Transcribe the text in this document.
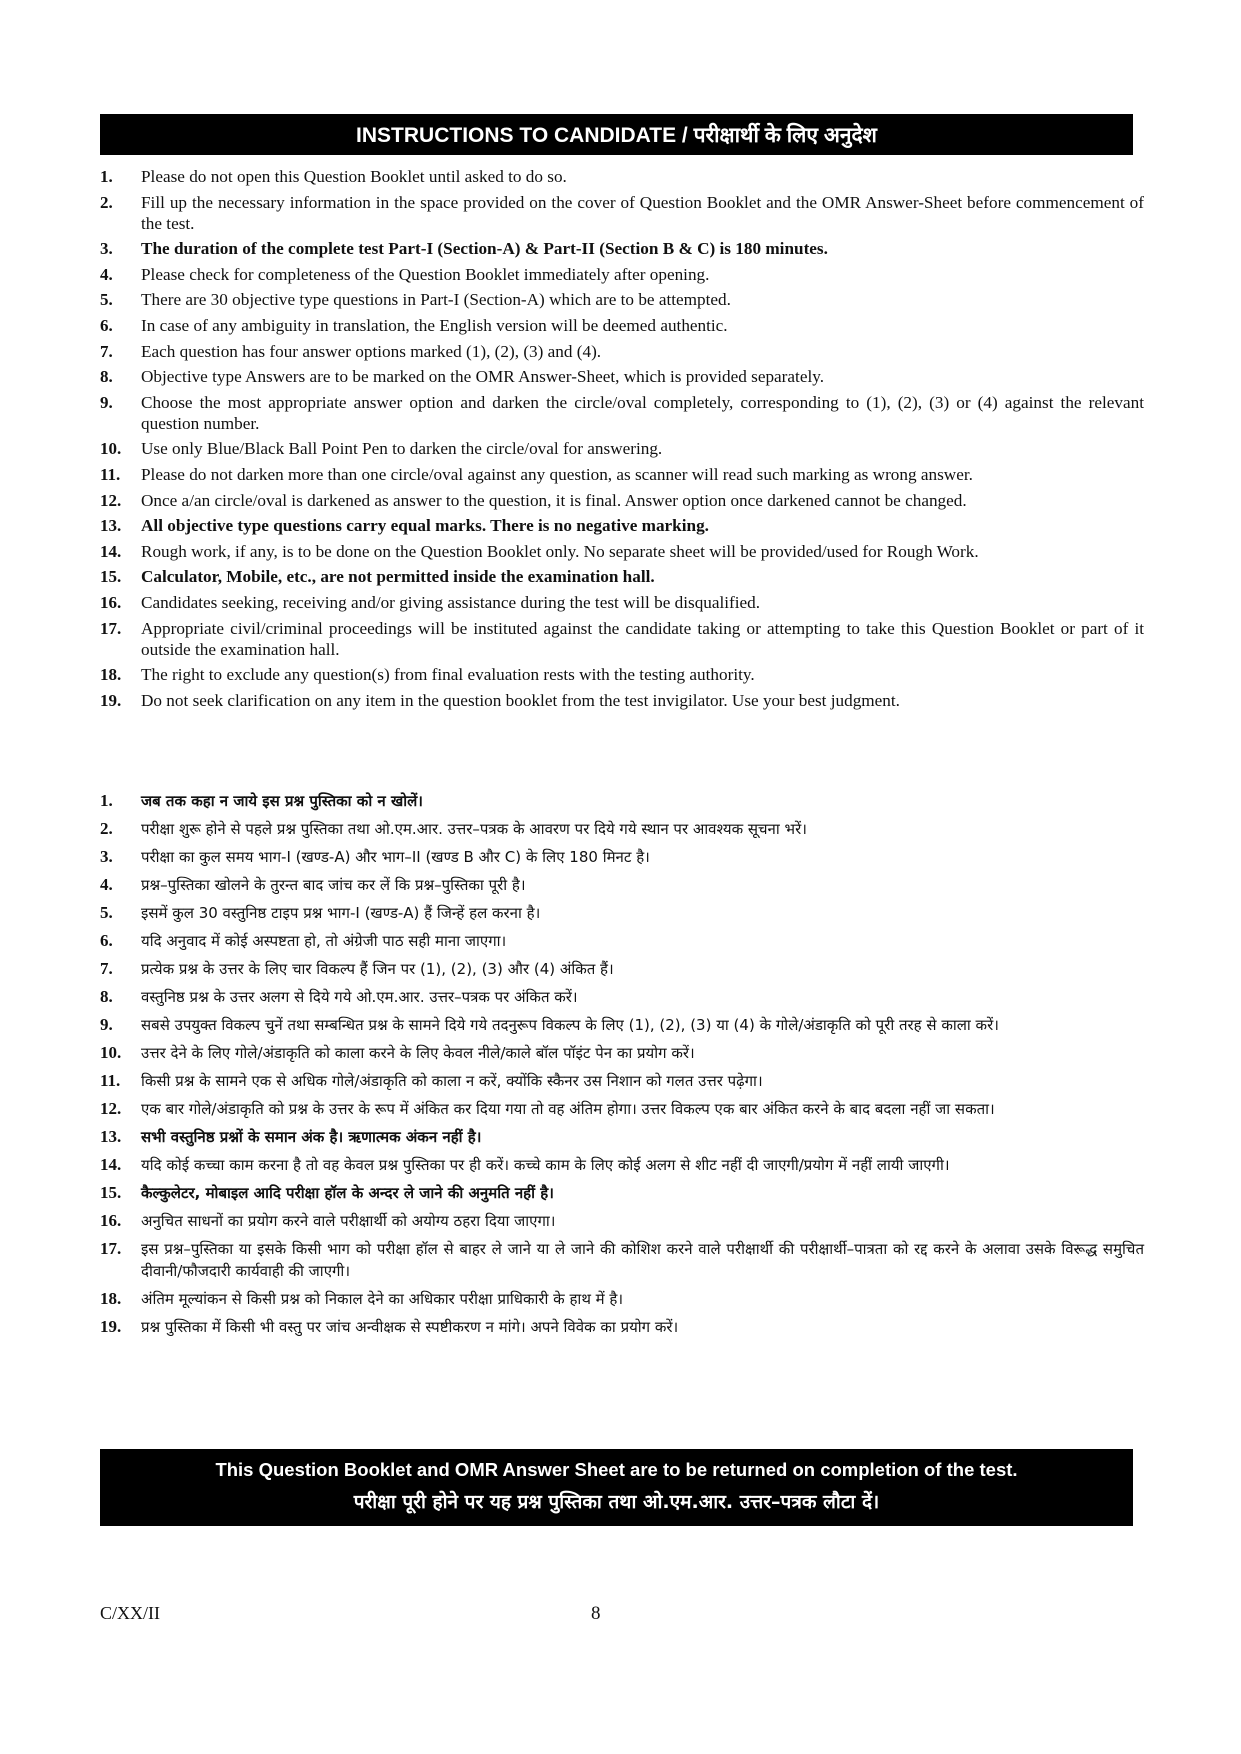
INSTRUCTIONS TO CANDIDATE / परीक्षार्थी के लिए अनुदेश
1.	Please do not open this Question Booklet until asked to do so.
2.	Fill up the necessary information in the space provided on the cover of Question Booklet and the OMR Answer-Sheet before commencement of the test.
3.	The duration of the complete test Part-I (Section-A) & Part-II (Section B & C) is 180 minutes.
4.	Please check for completeness of the Question Booklet immediately after opening.
5.	There are 30 objective type questions in Part-I (Section-A) which are to be attempted.
6.	In case of any ambiguity in translation, the English version will be deemed authentic.
7.	Each question has four answer options marked (1), (2), (3) and (4).
8.	Objective type Answers are to be marked on the OMR Answer-Sheet, which is provided separately.
9.	Choose the most appropriate answer option and darken the circle/oval completely, corresponding to (1), (2), (3) or (4) against the relevant question number.
10.	Use only Blue/Black Ball Point Pen to darken the circle/oval for answering.
11.	Please do not darken more than one circle/oval against any question, as scanner will read such marking as wrong answer.
12.	Once a/an circle/oval is darkened as answer to the question, it is final. Answer option once darkened cannot be changed.
13.	All objective type questions carry equal marks. There is no negative marking.
14.	Rough work, if any, is to be done on the Question Booklet only. No separate sheet will be provided/used for Rough Work.
15.	Calculator, Mobile, etc., are not permitted inside the examination hall.
16.	Candidates seeking, receiving and/or giving assistance during the test will be disqualified.
17.	Appropriate civil/criminal proceedings will be instituted against the candidate taking or attempting to take this Question Booklet or part of it outside the examination hall.
18.	The right to exclude any question(s) from final evaluation rests with the testing authority.
19.	Do not seek clarification on any item in the question booklet from the test invigilator. Use your best judgment.
1.	जब तक कहा न जाये इस प्रश्न पुस्तिका को न खोलें।
2.	परीक्षा शुरू होने से पहले प्रश्न पुस्तिका तथा ओ.एम.आर. उत्तर–पत्रक के आवरण पर दिये गये स्थान पर आवश्यक सूचना भरें।
3.	परीक्षा का कुल समय भाग-I (खण्ड-A) और भाग–II (खण्ड B और C) के लिए 180 मिनट है।
4.	प्रश्न–पुस्तिका खोलने के तुरन्त बाद जांच कर लें कि प्रश्न–पुस्तिका पूरी है।
5.	इसमें कुल 30 वस्तुनिष्ठ टाइप प्रश्न भाग-I (खण्ड-A) हैं जिन्हें हल करना है।
6.	यदि अनुवाद में कोई अस्पष्टता हो, तो अंग्रेजी पाठ सही माना जाएगा।
7.	प्रत्येक प्रश्न के उत्तर के लिए चार विकल्प हैं जिन पर (1), (2), (3) और (4) अंकित हैं।
8.	वस्तुनिष्ठ प्रश्न के उत्तर अलग से दिये गये ओ.एम.आर. उत्तर–पत्रक पर अंकित करें।
9.	सबसे उपयुक्त विकल्प चुनें तथा सम्बन्धित प्रश्न के सामने दिये गये तदनुरूप विकल्प के लिए (1), (2), (3) या (4) के गोले/अंडाकृति को पूरी तरह से काला करें।
10.	उत्तर देने के लिए गोले/अंडाकृति को काला करने के लिए केवल नीले/काले बॉल पॉइंट पेन का प्रयोग करें।
11.	किसी प्रश्न के सामने एक से अधिक गोले/अंडाकृति को काला न करें, क्योंकि स्कैनर उस निशान को गलत उत्तर पढ़ेगा।
12.	एक बार गोले/अंडाकृति को प्रश्न के उत्तर के रूप में अंकित कर दिया गया तो वह अंतिम होगा। उत्तर विकल्प एक बार अंकित करने के बाद बदला नहीं जा सकता।
13.	सभी वस्तुनिष्ठ प्रश्नों के समान अंक है। ऋणात्मक अंकन नहीं है।
14.	यदि कोई कच्चा काम करना है तो वह केवल प्रश्न पुस्तिका पर ही करें। कच्चे काम के लिए कोई अलग से शीट नहीं दी जाएगी/प्रयोग में नहीं लायी जाएगी।
15.	कैल्कुलेटर, मोबाइल आदि परीक्षा हॉल के अन्दर ले जाने की अनुमति नहीं है।
16.	अनुचित साधनों का प्रयोग करने वाले परीक्षार्थी को अयोग्य ठहरा दिया जाएगा।
17.	इस प्रश्न–पुस्तिका या इसके किसी भाग को परीक्षा हॉल से बाहर ले जाने या ले जाने की कोशिश करने वाले परीक्षार्थी की परीक्षार्थी–पात्रता को रद्द करने के अलावा उसके विरूद्ध समुचित दीवानी/फौजदारी कार्यवाही की जाएगी।
18.	अंतिम मूल्यांकन से किसी प्रश्न को निकाल देने का अधिकार परीक्षा प्राधिकारी के हाथ में है।
19.	प्रश्न पुस्तिका में किसी भी वस्तु पर जांच अन्वीक्षक से स्पष्टीकरण न मांगे। अपने विवेक का प्रयोग करें।
This Question Booklet and OMR Answer Sheet are to be returned on completion of the test.
परीक्षा पूरी होने पर यह प्रश्न पुस्तिका तथा ओ.एम.आर. उत्तर–पत्रक लौटा दें।
C/XX/II	8
